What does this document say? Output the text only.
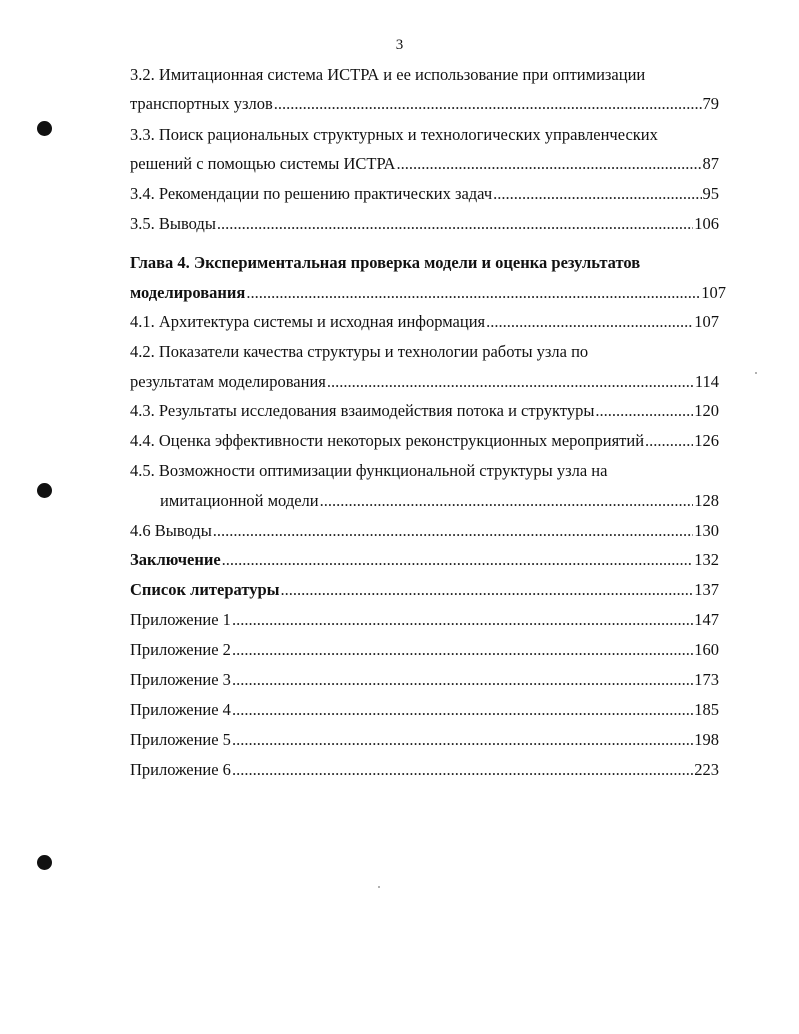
3
3.2. Имитационная система ИСТРА и ее использование при оптимизации
транспортных узлов .....	79
3.3. Поиск рациональных структурных и технологических управленческих
решений с помощью системы ИСТРА .....	87
3.4. Рекомендации по решению практических задач .....	95
3.5. Выводы .....	106
Глава 4. Экспериментальная проверка модели и оценка результатов
моделирования .....	107
4.1. Архитектура системы и исходная информация .....	107
4.2. Показатели качества структуры и технологии работы узла по
результатам моделирования .....	114
4.3. Результаты исследования взаимодействия потока и структуры .....	120
4.4. Оценка эффективности некоторых реконструкционных мероприятий .....	126
4.5. Возможности оптимизации функциональной структуры узла на
имитационной модели .....	128
4.6 Выводы .....	130
Заключение .....	132
Список литературы .....	137
Приложение 1 .....	147
Приложение 2 .....	160
Приложение 3 .....	173
Приложение 4 .....	185
Приложение 5 .....	198
Приложение 6 .....	223
